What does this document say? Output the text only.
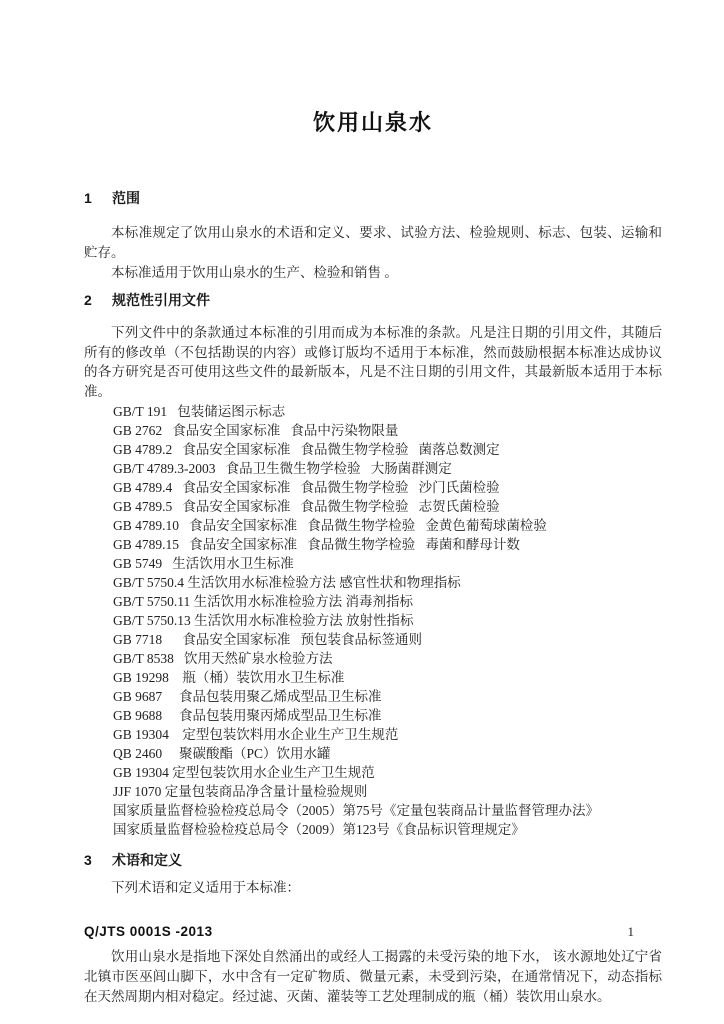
饮用山泉水
1	范围

本标准规定了饮用山泉水的术语和定义、要求、试验方法、检验规则、标志、包装、运输和贮存。

本标准适用于饮用山泉水的生产、检验和销售 。

2	规范性引用文件

下列文件中的条款通过本标准的引用而成为本标准的条款。凡是注日期的引用文件，其随后所有的修改单（不包括勘误的内容）或修订版均不适用于本标准，然而鼓励根据本标准达成协议的各方研究是否可使用这些文件的最新版本，凡是不注日期的引用文件，其最新版本适用于本标准。

GB/T 191   包装储运图示标志
GB 2762   食品安全国家标准   食品中污染物限量
GB 4789.2   食品安全国家标准   食品微生物学检验   菌落总数测定
GB/T 4789.3-2003   食品卫生微生物学检验   大肠菌群测定
GB 4789.4   食品安全国家标准   食品微生物学检验   沙门氏菌检验
GB 4789.5   食品安全国家标准   食品微生物学检验   志贺氏菌检验
GB 4789.10   食品安全国家标准   食品微生物学检验   金黄色葡萄球菌检验
GB 4789.15   食品安全国家标准   食品微生物学检验   毒菌和酵母计数
GB 5749   生活饮用水卫生标准
GB/T 5750.4 生活饮用水标准检验方法 感官性状和物理指标
GB/T 5750.11 生活饮用水标准检验方法 消毒剂指标
GB/T 5750.13 生活饮用水标准检验方法 放射性指标
GB 7718      食品安全国家标准   预包装食品标签通则
GB/T 8538   饮用天然矿泉水检验方法
GB 19298    瓶（桶）装饮用水卫生标准
GB 9687     食品包装用聚乙烯成型品卫生标准
GB 9688     食品包装用聚丙烯成型品卫生标准
GB 19304    定型包装饮料用水企业生产卫生规范
QB 2460     聚碳酸酯（PC）饮用水罐
GB 19304 定型包装饮用水企业生产卫生规范
JJF 1070 定量包装商品净含量计量检验规则
国家质量监督检验检疫总局令（2005）第75号《定量包装商品计量监督管理办法》
国家质量监督检验检疫总局令（2009）第123号《食品标识管理规定》
3	术语和定义

下列术语和定义适用于本标准：

Q/JTS 0001S -2013	1

饮用山泉水是指地下深处自然涌出的或经人工揭露的未受污染的地下水， 该水源地处辽宁省北镇市医巫闾山脚下，水中含有一定矿物质、微量元素，未受到污染，在通常情况下，动态指标在天然周期内相对稳定。经过滤、灭菌、灌装等工艺处理制成的瓶（桶）装饮用山泉水。
